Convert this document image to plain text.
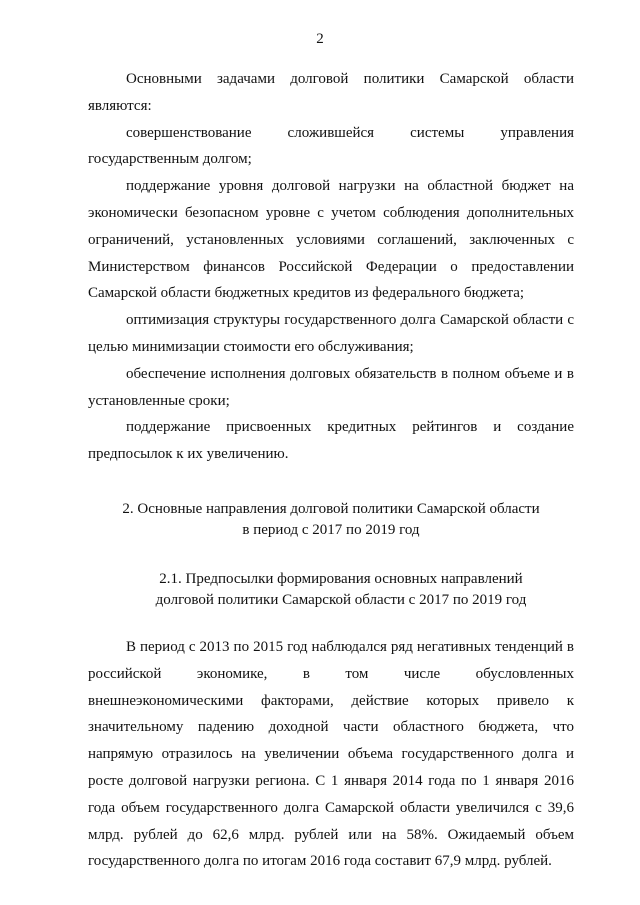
2

Основными задачами долговой политики Самарской области являются:

совершенствование сложившейся системы управления государственным долгом;

поддержание уровня долговой нагрузки на областной бюджет на экономически безопасном уровне с учетом соблюдения дополнительных ограничений, установленных условиями соглашений, заключенных с Министерством финансов Российской Федерации о предоставлении Самарской области бюджетных кредитов из федерального бюджета;

оптимизация структуры государственного долга Самарской области с целью минимизации стоимости его обслуживания;

обеспечение исполнения долговых обязательств в полном объеме и в установленные сроки;

поддержание присвоенных кредитных рейтингов и создание предпосылок к их увеличению.

2. Основные направления долговой политики Самарской области
в период с 2017 по 2019 год
2.1. Предпосылки формирования основных направлений
долговой политики Самарской области с 2017 по 2019 год

В период с 2013 по 2015 год наблюдался ряд негативных тенденций в российской экономике, в том числе обусловленных внешнеэкономическими факторами, действие которых привело к значительному падению доходной части областного бюджета, что напрямую отразилось на увеличении объема государственного долга и росте долговой нагрузки региона. С 1 января 2014 года по 1 января 2016 года объем государственного долга Самарской области увеличился с 39,6 млрд. рублей до 62,6 млрд. рублей или на 58%. Ожидаемый объем государственного долга по итогам 2016 года составит 67,9 млрд. рублей.
